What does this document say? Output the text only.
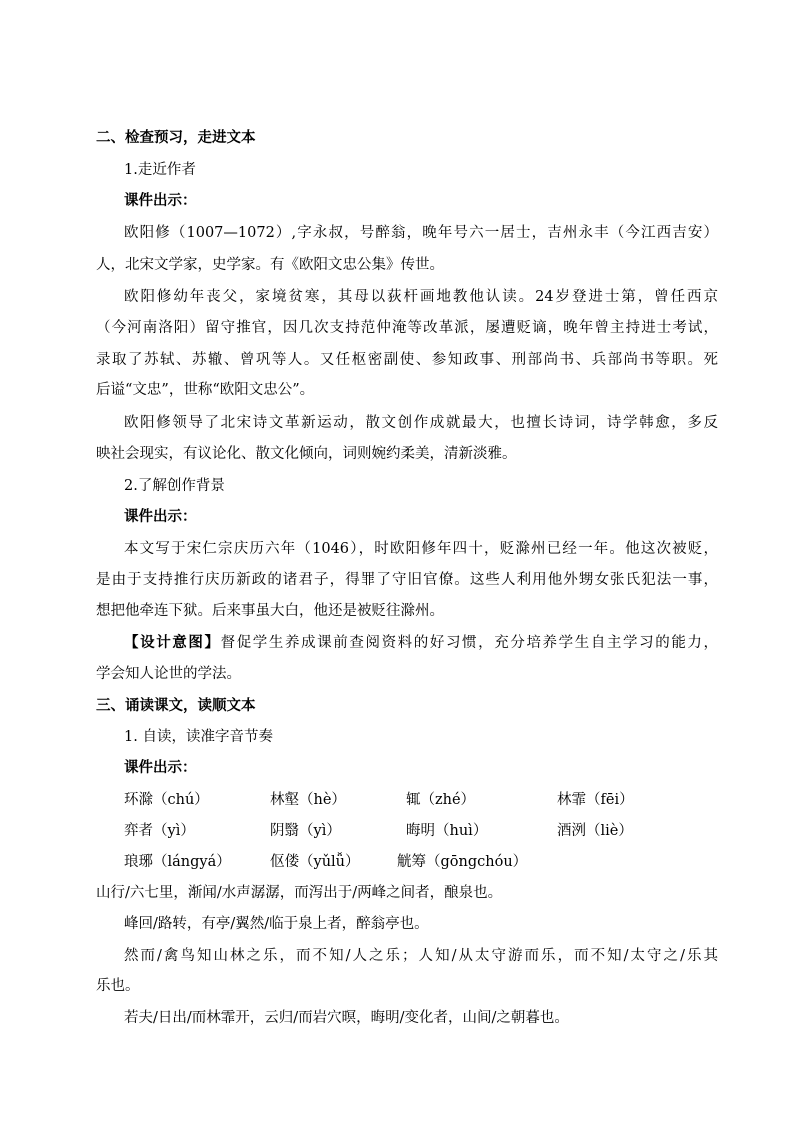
二、检查预习，走进文本
1.走近作者
课件出示：
欧阳修（1007—1072）,字永叔，号醉翁，晚年号六一居士，吉州永丰（今江西吉安）
人，北宋文学家，史学家。有《欧阳文忠公集》传世。
欧阳修幼年丧父，家境贫寒，其母以荻杆画地教他认读。24岁登进士第，曾任西京
（今河南洛阳）留守推官，因几次支持范仲淹等改革派，屡遭贬谪，晚年曾主持进士考试，
录取了苏轼、苏辙、曾巩等人。又任枢密副使、参知政事、刑部尚书、兵部尚书等职。死
后谥“文忠”，世称“欧阳文忠公”。
欧阳修领导了北宋诗文革新运动，散文创作成就最大，也擅长诗词，诗学韩愈，多反
映社会现实，有议论化、散文化倾向，词则婉约柔美，清新淡雅。
2.了解创作背景
课件出示：
本文写于宋仁宗庆历六年（1046），时欧阳修年四十，贬滁州已经一年。他这次被贬，
是由于支持推行庆历新政的诸君子，得罪了守旧官僚。这些人利用他外甥女张氏犯法一事，
想把他牵连下狱。后来事虽大白，他还是被贬往滁州。
【设计意图】督促学生养成课前查阅资料的好习惯，充分培养学生自主学习的能力，
学会知人论世的学法。
三、诵读课文，读顺文本
1. 自读，读准字音节奏
课件出示：
环滁（chú）	林壑（hè）	辄（zhé）	林霏（fēi）
弈者（yì）	阴翳（yì）	晦明（huì）	酒洌（liè）
琅琊（lángyá）	伛偻（yǔlǚ）	觥筹（gōngchóu）
山行/六七里，渐闻/水声潺潺，而泻出于/两峰之间者，酿泉也。
峰回/路转，有亭/翼然/临于泉上者，醉翁亭也。
然而/禽鸟知山林之乐，而不知/人之乐；人知/从太守游而乐，而不知/太守之/乐其
乐也。
若夫/日出/而林霏开，云归/而岩穴暝，晦明/变化者，山间/之朝暮也。
